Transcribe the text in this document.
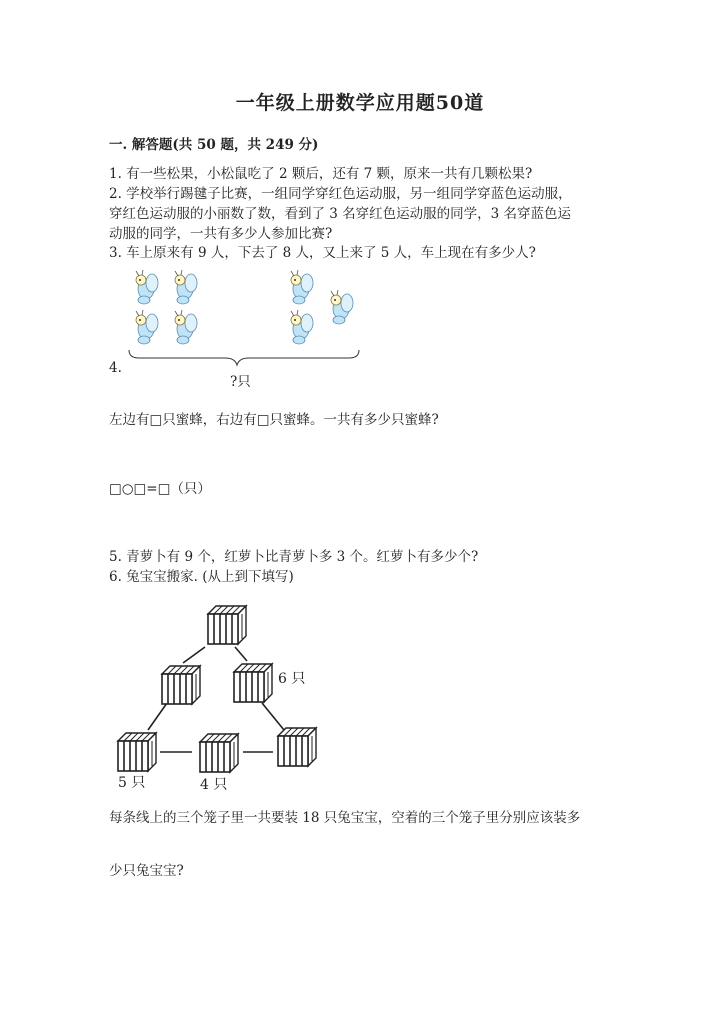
一年级上册数学应用题50道
一. 解答题(共 50 题，共 249 分)
1. 有一些松果，小松鼠吃了 2 颗后，还有 7 颗，原来一共有几颗松果?
2. 学校举行踢毽子比赛，一组同学穿红色运动服，另一组同学穿蓝色运动服，
穿红色运动服的小丽数了数，看到了 3 名穿红色运动服的同学，3 名穿蓝色运
动服的同学，一共有多少人参加比赛?
3. 车上原来有 9 人，下去了 8 人，又上来了 5 人，车上现在有多少人?
4.
?只
左边有□只蜜蜂，右边有□只蜜蜂。一共有多少只蜜蜂?
□○□=□（只）
5. 青萝卜有 9 个，红萝卜比青萝卜多 3 个。红萝卜有多少个?
6. 兔宝宝搬家. (从上到下填写)
6 只
5 只	4 只
每条线上的三个笼子里一共要装 18 只兔宝宝，空着的三个笼子里分别应该装多
少只兔宝宝?
